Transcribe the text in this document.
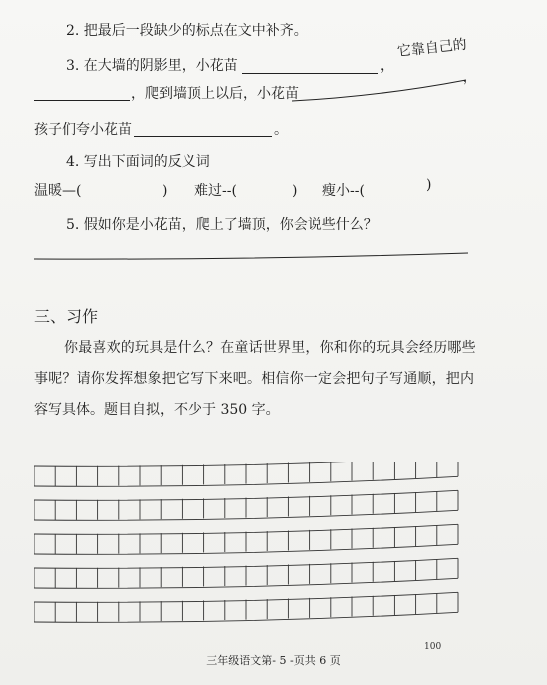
2. 把最后一段缺少的标点在文中补齐。
3. 在大墙的阴影里，小花苗	，
它靠自己的
，爬到墙顶上以后，小花苗
，
孩子们夸小花苗	。
4. 写出下面词的反义词
温暖—(	) 难过--(	) 瘦小--(	)
5. 假如你是小花苗，爬上了墙顶，你会说些什么？
三、习作
你最喜欢的玩具是什么？在童话世界里，你和你的玩具会经历哪些
事呢？请你发挥想象把它写下来吧。相信你一定会把句子写通顺，把内
容写具体。题目自拟，不少于 350 字。
100
三年级语文第- 5 -页共 6 页
